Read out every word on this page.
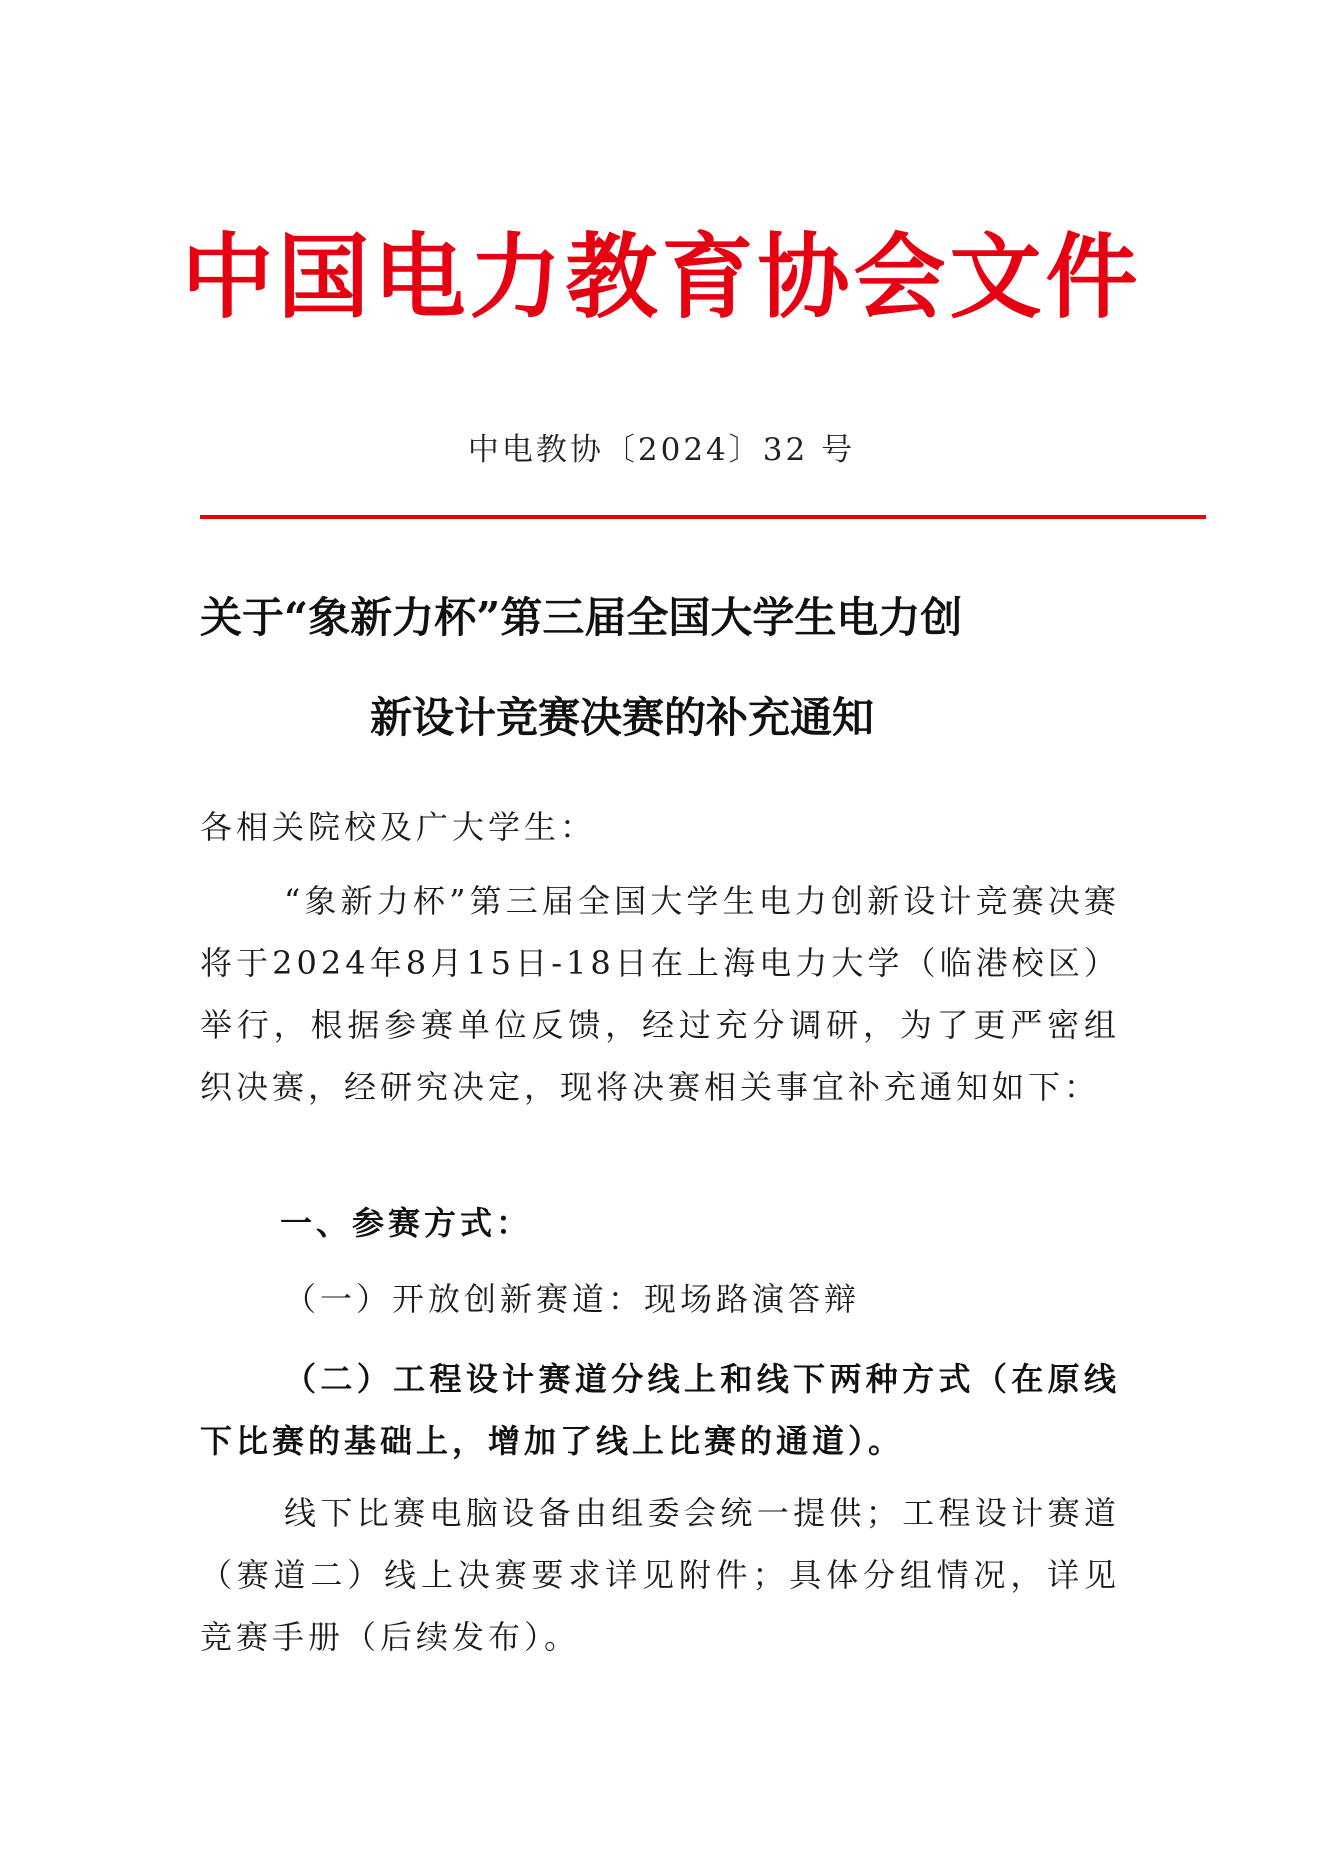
中国电力教育协会文件
中电教协〔2024〕32 号
关于“象新力杯”第三届全国大学生电力创
新设计竞赛决赛的补充通知
各相关院校及广大学生：
“象新力杯”第三届全国大学生电力创新设计竞赛决赛将于2024年8月15日-18日在上海电力大学（临港校区）举行，根据参赛单位反馈，经过充分调研，为了更严密组织决赛，经研究决定，现将决赛相关事宜补充通知如下：
一、参赛方式：
（一）开放创新赛道：现场路演答辩
（二）工程设计赛道分线上和线下两种方式（在原线下比赛的基础上，增加了线上比赛的通道）。
线下比赛电脑设备由组委会统一提供；工程设计赛道（赛道二）线上决赛要求详见附件；具体分组情况，详见竞赛手册（后续发布）。
